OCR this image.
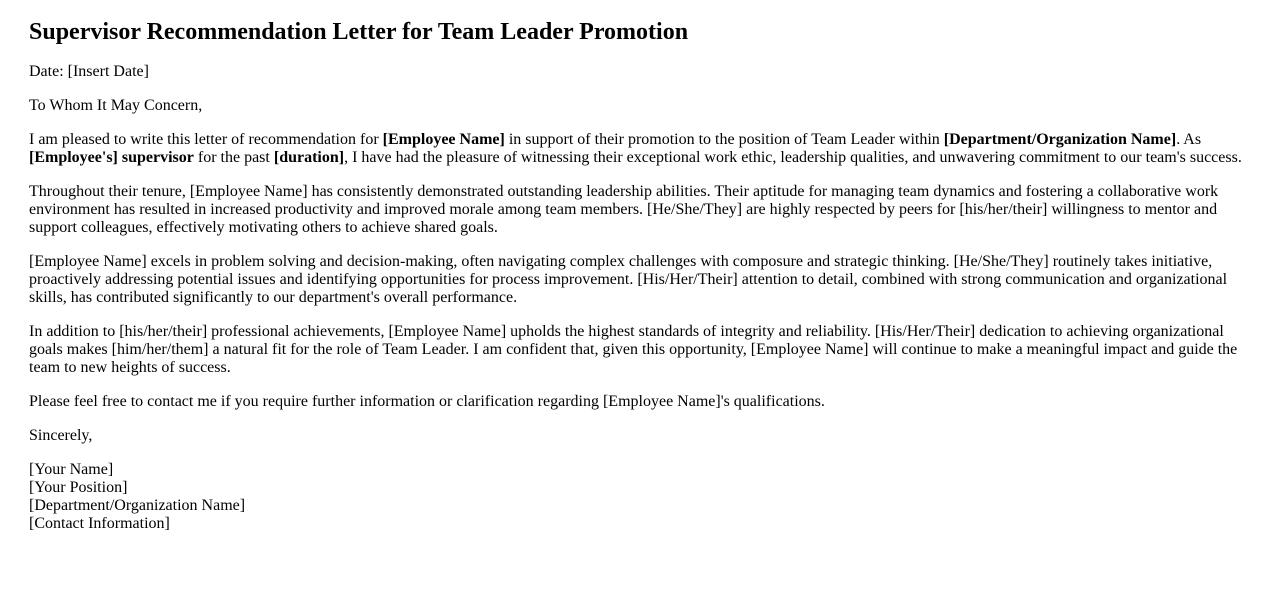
Supervisor Recommendation Letter for Team Leader Promotion

Date: [Insert Date]

To Whom It May Concern,

I am pleased to write this letter of recommendation for [Employee Name] in support of their promotion to the position of Team Leader within [Department/Organization Name]. As [Employee's] supervisor for the past [duration], I have had the pleasure of witnessing their exceptional work ethic, leadership qualities, and unwavering commitment to our team's success.

Throughout their tenure, [Employee Name] has consistently demonstrated outstanding leadership abilities. Their aptitude for managing team dynamics and fostering a collaborative work environment has resulted in increased productivity and improved morale among team members. [He/She/They] are highly respected by peers for [his/her/their] willingness to mentor and support colleagues, effectively motivating others to achieve shared goals.

[Employee Name] excels in problem solving and decision-making, often navigating complex challenges with composure and strategic thinking. [He/She/They] routinely takes initiative, proactively addressing potential issues and identifying opportunities for process improvement. [His/Her/Their] attention to detail, combined with strong communication and organizational skills, has contributed significantly to our department's overall performance.

In addition to [his/her/their] professional achievements, [Employee Name] upholds the highest standards of integrity and reliability. [His/Her/Their] dedication to achieving organizational goals makes [him/her/them] a natural fit for the role of Team Leader. I am confident that, given this opportunity, [Employee Name] will continue to make a meaningful impact and guide the team to new heights of success.

Please feel free to contact me if you require further information or clarification regarding [Employee Name]'s qualifications.

Sincerely,

[Your Name]
[Your Position]
[Department/Organization Name]
[Contact Information]
